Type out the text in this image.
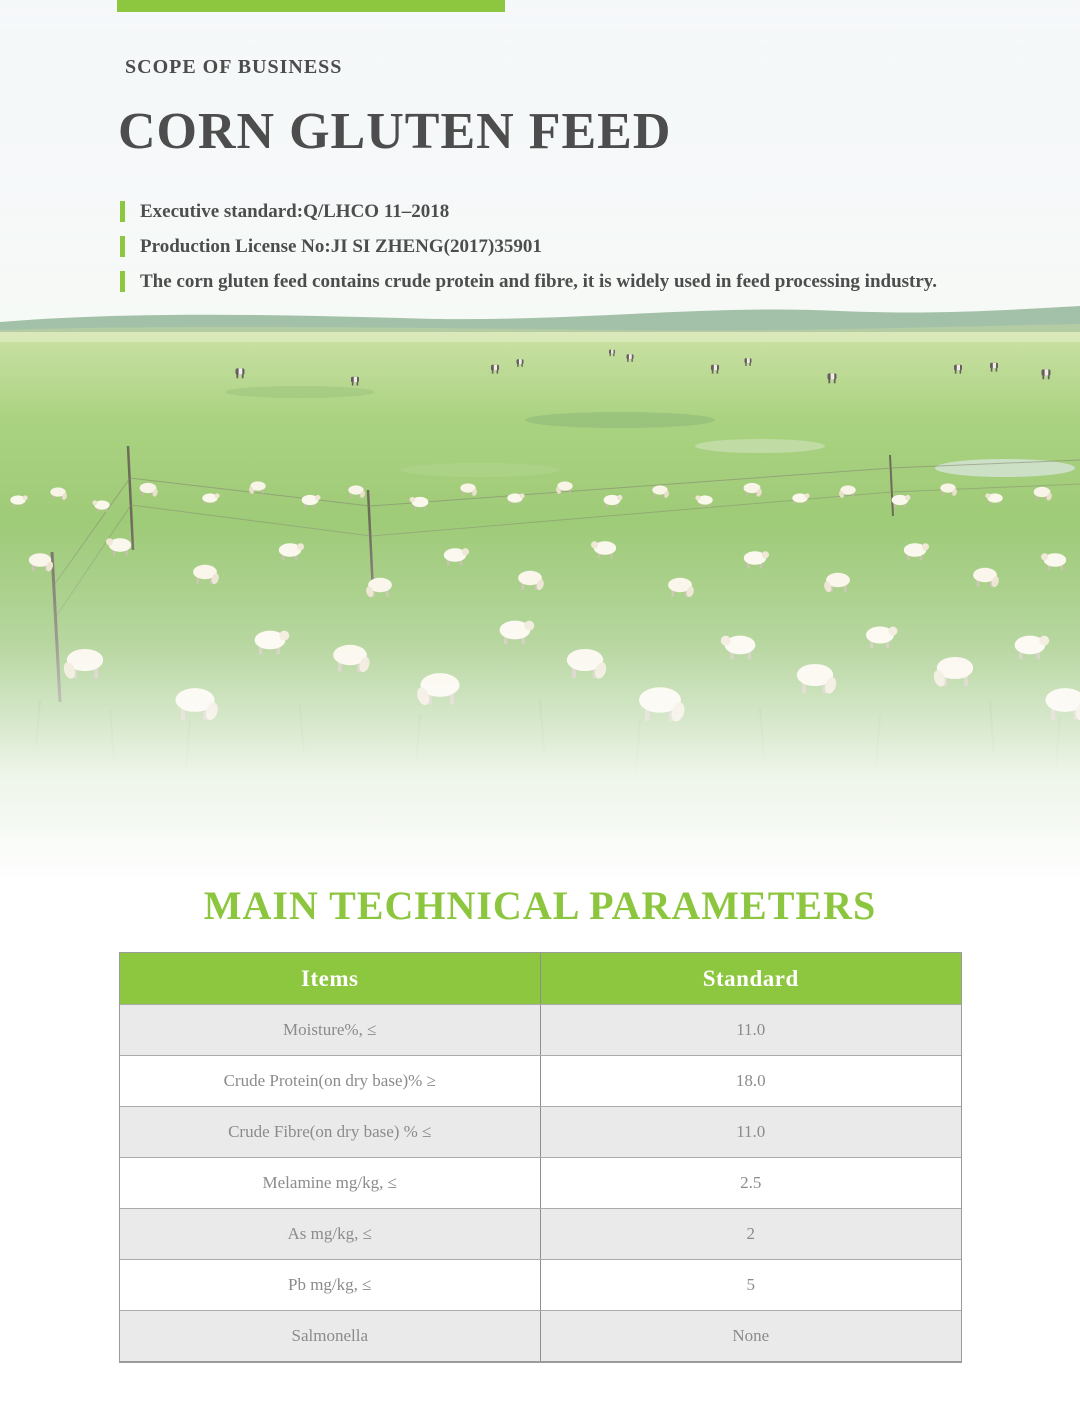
SCOPE OF BUSINESS
CORN GLUTEN FEED
Executive standard:Q/LHCO 11–2018
Production License No:JI SI ZHENG(2017)35901
The corn gluten feed contains crude protein and fibre, it is widely used in feed processing industry.
MAIN TECHNICAL PARAMETERS
Items	Standard
Moisture%, ≤	11.0
Crude Protein(on dry base)% ≥	18.0
Crude Fibre(on dry base) % ≤	11.0
Melamine mg/kg, ≤	2.5
As mg/kg, ≤	2
Pb mg/kg, ≤	5
Salmonella	None
